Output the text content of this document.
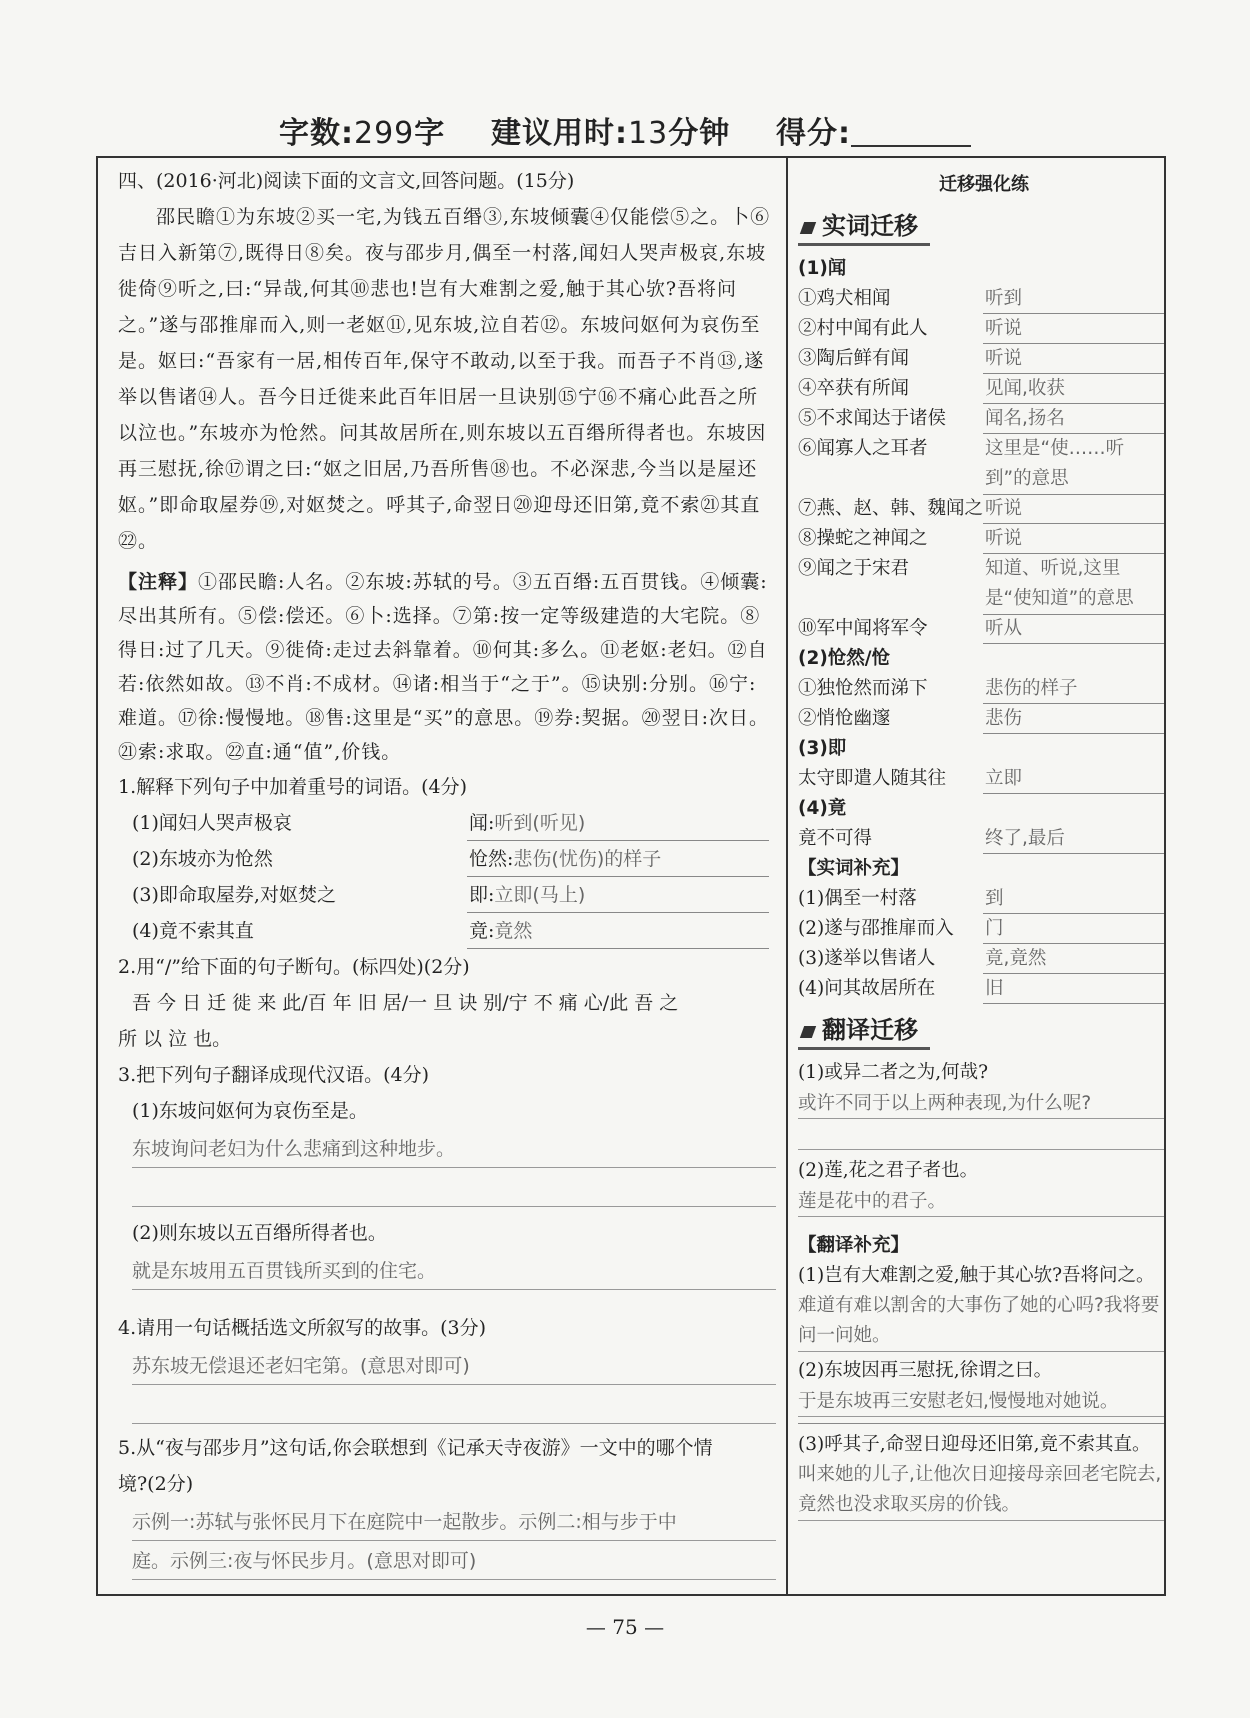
字数:299字 建议用时:13分钟 得分:
四、(2016·河北)阅读下面的文言文,回答问题。(15分)

邵民瞻①为东坡②买一宅,为钱五百缗③,东坡倾囊④仅能偿⑤之。卜⑥吉日入新第⑦,既得日⑧矣。夜与邵步月,偶至一村落,闻妇人哭声极哀,东坡徙倚⑨听之,曰:“异哉,何其⑩悲也!岂有大难割之爱,触于其心欤?吾将问之。”遂与邵推扉而入,则一老妪⑪,见东坡,泣自若⑫。东坡问妪何为哀伤至是。妪曰:“吾家有一居,相传百年,保守不敢动,以至于我。而吾子不肖⑬,遂举以售诸⑭人。吾今日迁徙来此百年旧居一旦诀别⑮宁⑯不痛心此吾之所以泣也。”东坡亦为怆然。问其故居所在,则东坡以五百缗所得者也。东坡因再三慰抚,徐⑰谓之曰:“妪之旧居,乃吾所售⑱也。不必深悲,今当以是屋还妪。”即命取屋券⑲,对妪焚之。呼其子,命翌日⑳迎母还旧第,竟不索㉑其直㉒。

【注释】①邵民瞻:人名。②东坡:苏轼的号。③五百缗:五百贯钱。④倾囊:尽出其所有。⑤偿:偿还。⑥卜:选择。⑦第:按一定等级建造的大宅院。⑧得日:过了几天。⑨徙倚:走过去斜靠着。⑩何其:多么。⑪老妪:老妇。⑫自若:依然如故。⑬不肖:不成材。⑭诸:相当于“之于”。⑮诀别:分别。⑯宁:难道。⑰徐:慢慢地。⑱售:这里是“买”的意思。⑲券:契据。⑳翌日:次日。㉑索:求取。㉒直:通“值”,价钱。

1.解释下列句子中加着重号的词语。(4分)
(1)闻妇人哭声极哀	闻:听到(听见)
(2)东坡亦为怆然	怆然:悲伤(忧伤)的样子
(3)即命取屋券,对妪焚之	即:立即(马上)
(4)竟不索其直	竟:竟然
2.用“/”给下面的句子断句。(标四处)(2分)
吾 今 日 迁 徙 来 此/百 年 旧 居/一 旦 诀 别/宁 不 痛 心/此 吾 之
所 以 泣 也。
3.把下列句子翻译成现代汉语。(4分)
(1)东坡问妪何为哀伤至是。
东坡询问老妇为什么悲痛到这种地步。
(2)则东坡以五百缗所得者也。
就是东坡用五百贯钱所买到的住宅。
4.请用一句话概括选文所叙写的故事。(3分)
苏东坡无偿退还老妇宅第。(意思对即可)
5.从“夜与邵步月”这句话,你会联想到《记承天寺夜游》一文中的哪个情
境?(2分)
示例一:苏轼与张怀民月下在庭院中一起散步。示例二:相与步于中
庭。示例三:夜与怀民步月。(意思对即可)
迁移强化练
实词迁移
(1)闻
①鸡犬相闻	听到
②村中闻有此人	听说
③陶后鲜有闻	听说
④卒获有所闻	见闻,收获
⑤不求闻达于诸侯	闻名,扬名
⑥闻寡人之耳者	这里是“使……听到”的意思
⑦燕、赵、韩、魏闻之 听说
⑧操蛇之神闻之	听说
⑨闻之于宋君	知道、听说,这里是“使知道”的意思
⑩军中闻将军令	听从
(2)怆然/怆
①独怆然而涕下	悲伤的样子
②悄怆幽邃	悲伤
(3)即
太守即遣人随其往	立即
(4)竟
竟不可得	终了,最后
【实词补充】
(1)偶至一村落	到
(2)遂与邵推扉而入	门
(3)遂举以售诸人	竟,竟然
(4)问其故居所在	旧
翻译迁移
(1)或异二者之为,何哉?
或许不同于以上两种表现,为什么呢?
(2)莲,花之君子者也。
莲是花中的君子。
【翻译补充】
(1)岂有大难割之爱,触于其心欤?吾将问之。
难道有难以割舍的大事伤了她的心吗?我将要问一问她。
(2)东坡因再三慰抚,徐谓之曰。
于是东坡再三安慰老妇,慢慢地对她说。
(3)呼其子,命翌日迎母还旧第,竟不索其直。
叫来她的儿子,让他次日迎接母亲回老宅院去,竟然也没求取买房的价钱。
— 75 —
